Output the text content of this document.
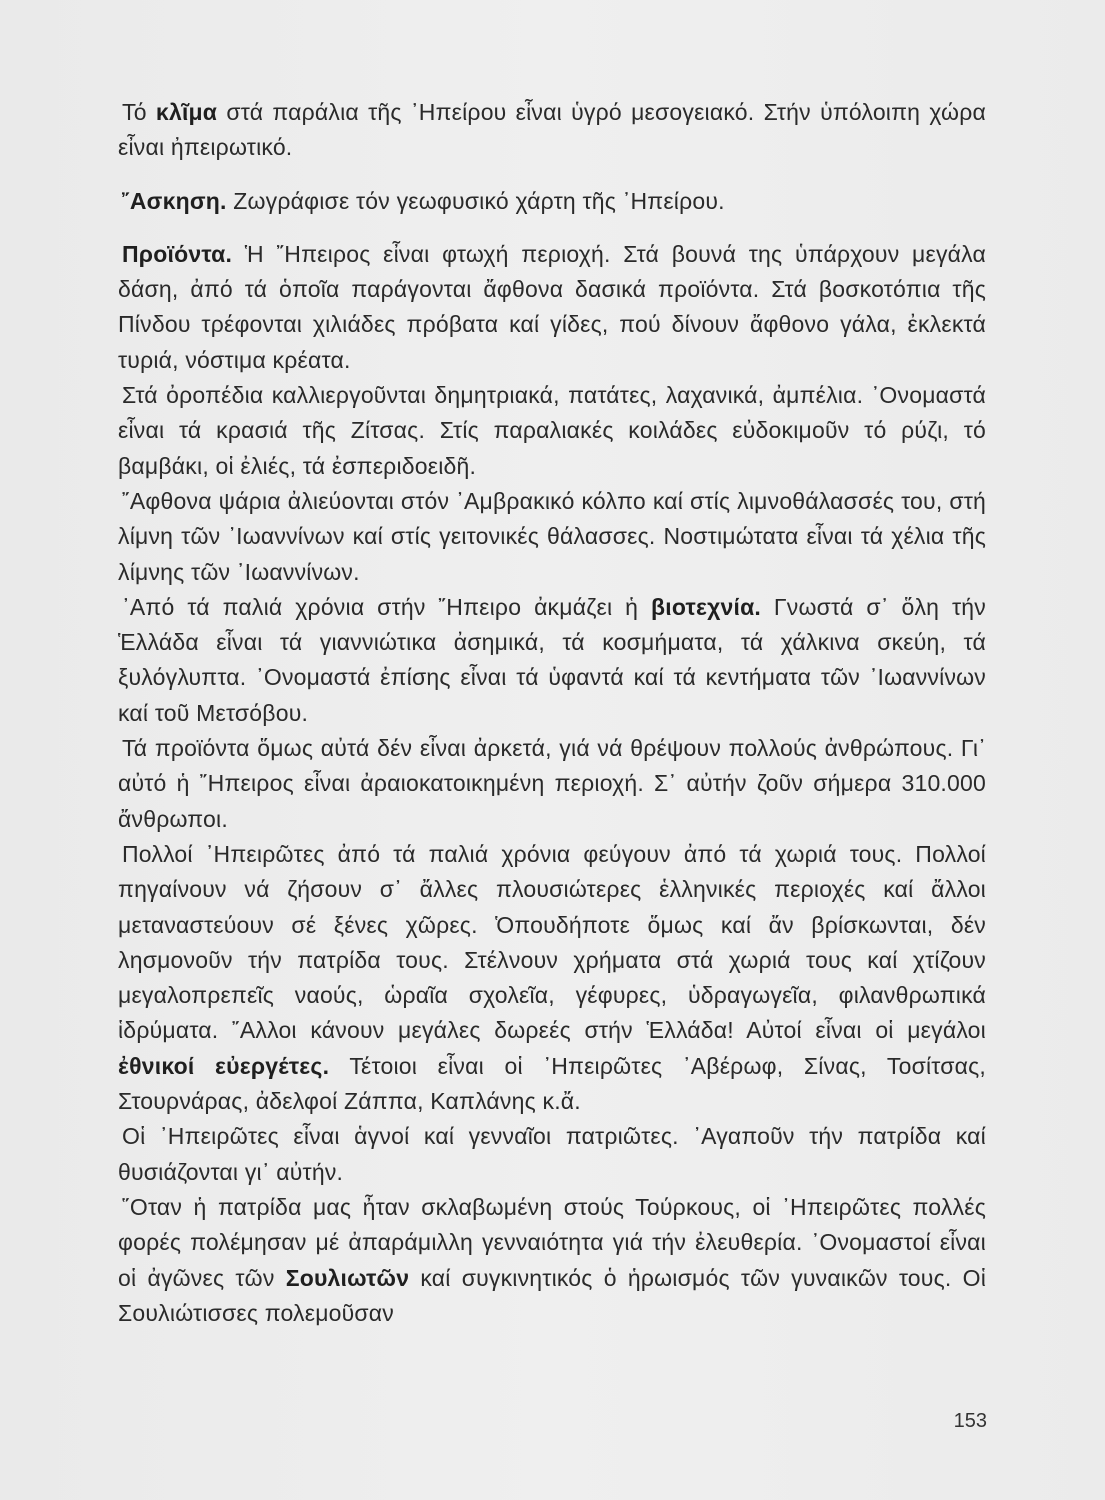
Τό κλῖμα στά παράλια τῆς ᾿Ηπείρου εἶναι ὑγρό μεσογειακό. Στήν ὑπόλοιπη χώρα εἶναι ἠπειρωτικό.

῎Ασκηση. Ζωγράφισε τόν γεωφυσικό χάρτη τῆς ᾿Ηπείρου.

Προϊόντα. Ἡ ῎Ηπειρος εἶναι φτωχή περιοχή. Στά βουνά της ὑπάρχουν μεγάλα δάση, ἀπό τά ὁποῖα παράγονται ἄφθονα δασικά προϊόντα. Στά βοσκοτόπια τῆς Πίνδου τρέφονται χιλιάδες πρόβατα καί γίδες, πού δίνουν ἄφθονο γάλα, ἐκλεκτά τυριά, νόστιμα κρέατα.

Στά ὀροπέδια καλλιεργοῦνται δημητριακά, πατάτες, λαχανικά, ἀμπέλια. ᾿Ονομαστά εἶναι τά κρασιά τῆς Ζίτσας. Στίς παραλιακές κοιλάδες εὐδοκιμοῦν τό ρύζι, τό βαμβάκι, οἱ ἐλιές, τά ἐσπεριδοειδῆ.

῎Αφθονα ψάρια ἀλιεύονται στόν ᾿Αμβρακικό κόλπο καί στίς λιμνοθάλασσές του, στή λίμνη τῶν ᾿Ιωαννίνων καί στίς γειτονικές θάλασσες. Νοστιμώτατα εἶναι τά χέλια τῆς λίμνης τῶν ᾿Ιωαννίνων.

᾿Από τά παλιά χρόνια στήν ῎Ηπειρο ἀκμάζει ἡ βιοτεχνία. Γνωστά σ᾿ ὅλη τήν Ἑλλάδα εἶναι τά γιαννιώτικα ἀσημικά, τά κοσμήματα, τά χάλκινα σκεύη, τά ξυλόγλυπτα. ᾿Ονομαστά ἐπίσης εἶναι τά ὑφαντά καί τά κεντήματα τῶν ᾿Ιωαννίνων καί τοῦ Μετσόβου.

Τά προϊόντα ὅμως αὐτά δέν εἶναι ἀρκετά, γιά νά θρέψουν πολλούς ἀνθρώπους. Γι᾿ αὐτό ἡ ῎Ηπειρος εἶναι ἀραιοκατοικημένη περιοχή. Σ᾿ αὐτήν ζοῦν σήμερα 310.000 ἄνθρωποι.

Πολλοί ᾿Ηπειρῶτες ἀπό τά παλιά χρόνια φεύγουν ἀπό τά χωριά τους. Πολλοί πηγαίνουν νά ζήσουν σ᾿ ἄλλες πλουσιώτερες ἑλληνικές περιοχές καί ἄλλοι μεταναστεύουν σέ ξένες χῶρες. Ὁπουδήποτε ὅμως καί ἄν βρίσκωνται, δέν λησμονοῦν τήν πατρίδα τους. Στέλνουν χρήματα στά χωριά τους καί χτίζουν μεγαλοπρεπεῖς ναούς, ὡραῖα σχολεῖα, γέφυρες, ὑδραγωγεῖα, φιλανθρωπικά ἱδρύματα. ῎Αλλοι κάνουν μεγάλες δωρεές στήν Ἑλλάδα! Αὐτοί εἶναι οἱ μεγάλοι ἐθνικοί εὐεργέτες. Τέτοιοι εἶναι οἱ ᾿Ηπειρῶτες ᾿Αβέρωφ, Σίνας, Τοσίτσας, Στουρνάρας, ἀδελφοί Ζάππα, Καπλάνης κ.ἄ.

Οἱ ᾿Ηπειρῶτες εἶναι ἁγνοί καί γενναῖοι πατριῶτες. ᾿Αγαποῦν τήν πατρίδα καί θυσιάζονται γι᾿ αὐτήν.

῞Οταν ἡ πατρίδα μας ἦταν σκλαβωμένη στούς Τούρκους, οἱ ᾿Ηπειρῶτες πολλές φορές πολέμησαν μέ ἀπαράμιλλη γενναιότητα γιά τήν ἐλευθερία. ᾿Ονομαστοί εἶναι οἱ ἀγῶνες τῶν Σουλιωτῶν καί συγκινητικός ὁ ἡρωισμός τῶν γυναικῶν τους. Οἱ Σουλιώτισσες πολεμοῦσαν

153
